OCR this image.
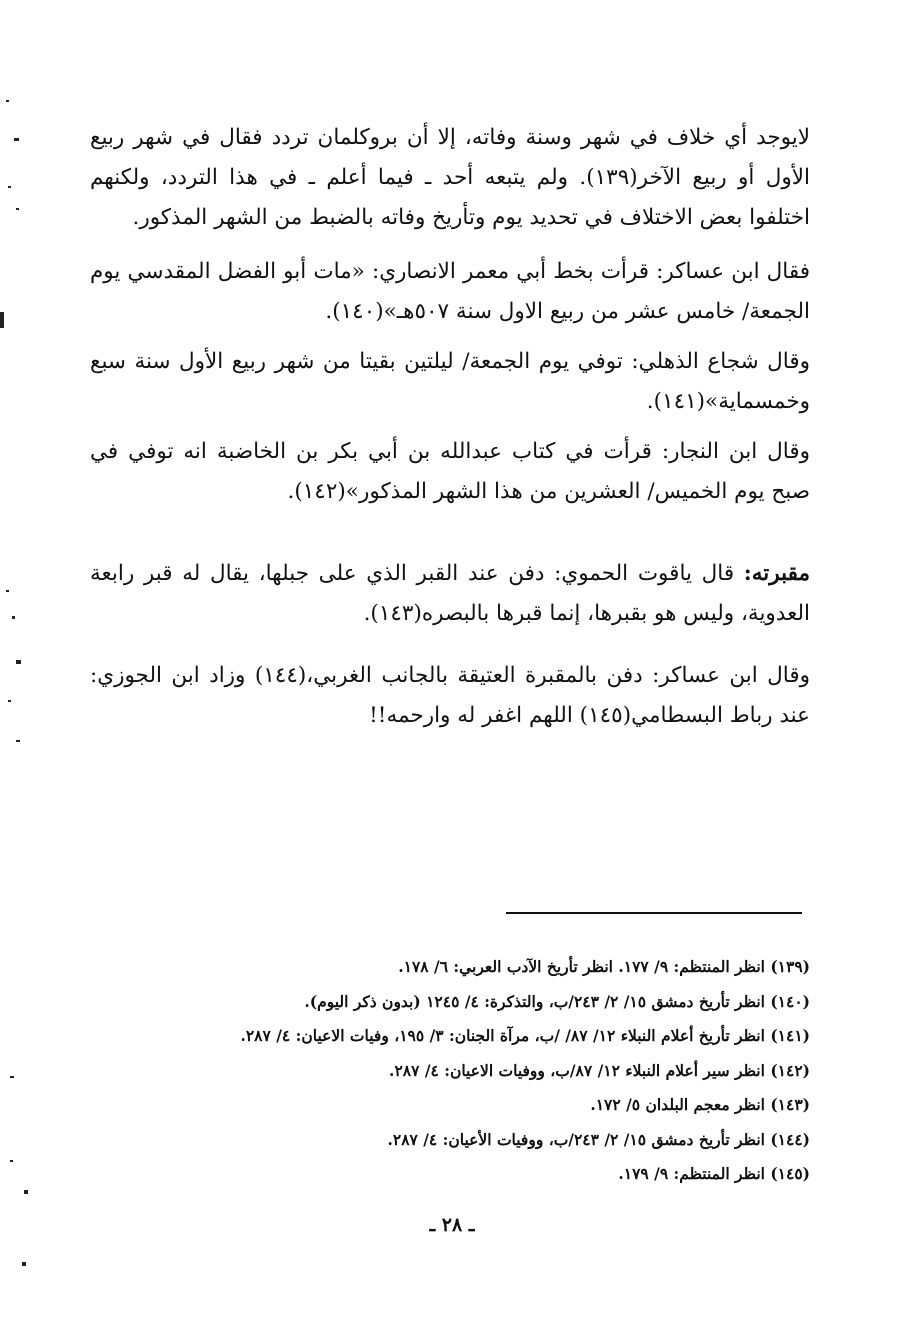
لايوجد أي خلاف في شهر وسنة وفاته، إلا أن بروكلمان تردد فقال في شهر ربيع الأول أو ربيع الآخر(١٣٩). ولم يتبعه أحد ـ فيما أعلم ـ في هذا التردد، ولكنهم اختلفوا بعض الاختلاف في تحديد يوم وتأريخ وفاته بالضبط من الشهر المذكور.

فقال ابن عساكر: قرأت بخط أبي معمر الانصاري: «مات أبو الفضل المقدسي يوم الجمعة/ خامس عشر من ربيع الاول سنة ٥٠٧هـ»(١٤٠).

وقال شجاع الذهلي: توفي يوم الجمعة/ ليلتين بقيتا من شهر ربيع الأول سنة سبع وخمسماية»(١٤١).

وقال ابن النجار: قرأت في كتاب عبدالله بن أبي بكر بن الخاضبة انه توفي في صبح يوم الخميس/ العشرين من هذا الشهر المذكور»(١٤٢).

مقبرته: قال ياقوت الحموي: دفن عند القبر الذي على جبلها، يقال له قبر رابعة العدوية، وليس هو بقبرها، إنما قبرها بالبصره(١٤٣).

وقال ابن عساكر: دفن بالمقبرة العتيقة بالجانب الغربي،(١٤٤) وزاد ابن الجوزي: عند رباط البسطامي(١٤٥) اللهم اغفر له وارحمه!!

(١٣٩) انظر المنتظم: ٩/ ١٧٧. انظر تأريخ الآدب العربي: ٦/ ١٧٨.

(١٤٠) انظر تأريخ دمشق ١٥/ ٢/ ٢٤٣/ب، والتذكرة: ٤/ ١٢٤٥ (بدون ذكر اليوم).

(١٤١) انظر تأريخ أعلام النبلاء ١٢/ ٨٧/ /ب، مرآة الجنان: ٣/ ١٩٥، وفيات الاعيان: ٤/ ٢٨٧.

(١٤٢) انظر سير أعلام النبلاء ١٢/ ٨٧/ب، ووفيات الاعيان: ٤/ ٢٨٧.

(١٤٣) انظر معجم البلدان ٥/ ١٧٢.

(١٤٤) انظر تأريخ دمشق ١٥/ ٢/ ٢٤٣/ب، ووفيات الأعيان: ٤/ ٢٨٧.

(١٤٥) انظر المنتظم: ٩/ ١٧٩.

ـ ٢٨ ـ
